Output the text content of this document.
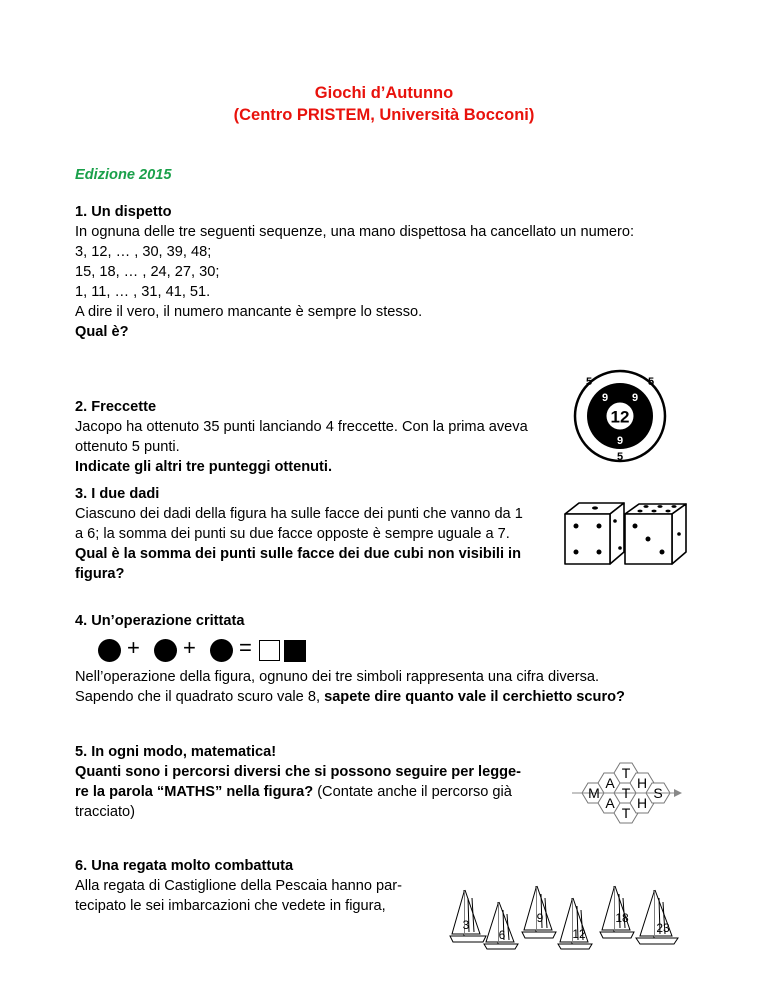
Giochi d’Autunno
(Centro PRISTEM, Università Bocconi)
Edizione 2015
1. Un dispetto
In ognuna delle tre seguenti sequenze, una mano dispettosa ha cancellato un numero:
3, 12, … , 30, 39, 48;
15, 18, … , 24, 27, 30;
1, 11, … , 31, 41, 51.
A dire il vero, il numero mancante è sempre lo stesso.
Qual è?
2. Freccette
Jacopo ha ottenuto 35 punti lanciando 4 freccette. Con la prima aveva
ottenuto 5 punti.
Indicate gli altri tre punteggi ottenuti.
12
9 9
9
5	5
5
3. I due dadi
Ciascuno dei dadi della figura ha sulle facce dei punti che vanno da 1
a 6; la somma dei punti su due facce opposte è sempre uguale a 7.
Qual è la somma dei punti sulle facce dei due cubi non visibili in
figura?
4. Un’operazione crittata
+ + =
Nell’operazione della figura, ognuno dei tre simboli rappresenta una cifra diversa.
Sapendo che il quadrato scuro vale 8, sapete dire quanto vale il cerchietto scuro?
5. In ogni modo, matematica!
Quanti sono i percorsi diversi che si possono seguire per legge-
re la parola “MATHS” nella figura? (Contate anche il percorso già
tracciato)
M
A
A
T
T
T
H
H
S
6. Una regata molto combattuta
Alla regata di Castiglione della Pescaia hanno par-
tecipato le sei imbarcazioni che vedete in figura,
3
6
9
12
18
23
